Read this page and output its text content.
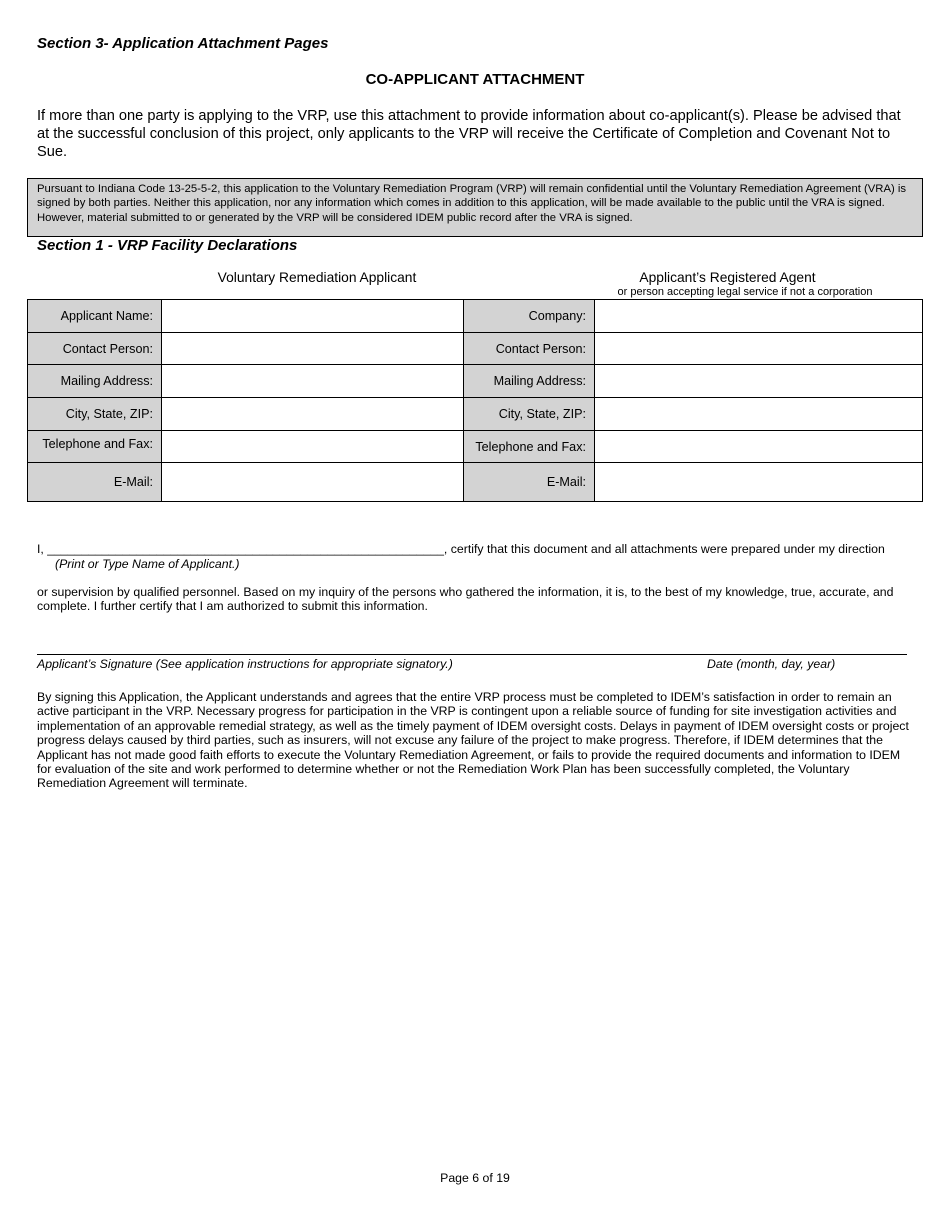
Section 3- Application Attachment Pages
CO-APPLICANT ATTACHMENT
If more than one party is applying to the VRP, use this attachment to provide information about co-applicant(s). Please be advised that at the successful conclusion of this project, only applicants to the VRP will receive the Certificate of Completion and Covenant Not to Sue.
Pursuant to Indiana Code 13-25-5-2, this application to the Voluntary Remediation Program (VRP) will remain confidential until the Voluntary Remediation Agreement (VRA) is signed by both parties. Neither this application, nor any information which comes in addition to this application, will be made available to the public until the VRA is signed. However, material submitted to or generated by the VRP will be considered IDEM public record after the VRA is signed.
Section 1 - VRP Facility Declarations
Voluntary Remediation Applicant	Applicant’s Registered Agent
or person accepting legal service if not a corporation
Applicant Name:		Company:	
Contact Person:		Contact Person:	
Mailing Address:		Mailing Address:	
City, State, ZIP:		City, State, ZIP:	
Telephone and Fax:		Telephone and Fax:	
E-Mail:		E-Mail:	
I, __________________________________________________________, certify that this document and all attachments were prepared under my direction
(Print or Type Name of Applicant.)
or supervision by qualified personnel. Based on my inquiry of the persons who gathered the information, it is, to the best of my knowledge, true, accurate, and complete. I further certify that I am authorized to submit this information.
Applicant’s Signature (See application instructions for appropriate signatory.)	Date (month, day, year)
By signing this Application, the Applicant understands and agrees that the entire VRP process must be completed to IDEM’s satisfaction in order to remain an active participant in the VRP. Necessary progress for participation in the VRP is contingent upon a reliable source of funding for site investigation activities and implementation of an approvable remedial strategy, as well as the timely payment of IDEM oversight costs. Delays in payment of IDEM oversight costs or project progress delays caused by third parties, such as insurers, will not excuse any failure of the project to make progress. Therefore, if IDEM determines that the Applicant has not made good faith efforts to execute the Voluntary Remediation Agreement, or fails to provide the required documents and information to IDEM for evaluation of the site and work performed to determine whether or not the Remediation Work Plan has been successfully completed, the Voluntary Remediation Agreement will terminate.
Page 6 of 19
